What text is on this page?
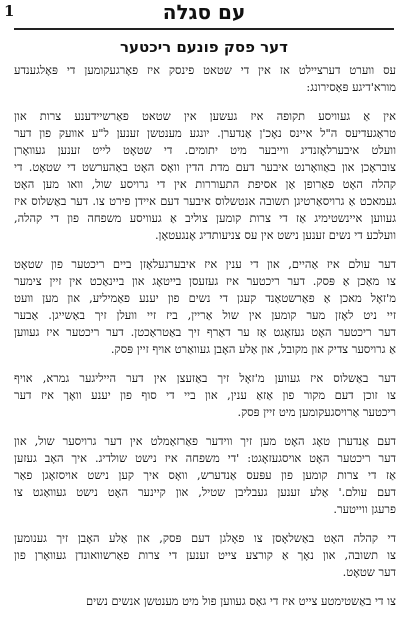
1	עם סגלה
דער פסק פונעם ריכטער
עס ווערט דערציילט אז אין די שטאט פינסק איז פאָרגעקומען די פּאָלגענדע
מורא'דיגע פּאַסירונג:
אין אַ געוויסע תקופה איז געשען אין שטאט פאַרשיידענע צרות און
טראַגעדיעס ה"ל איינס נאָכ'ן אַנדערן. יונגע מענטשן זענען ל"ע אוועק פון דער
וועלט איבערלאָזנדיג ווייבער מיט יתומים. די שטאָט לייט זענען געוואָרן
צובראָכן און באַוואָרנט איבער דעם מדת הדין וואָס האָט באַהערשט די שטאָט. די
קהלה האָט פאַרופן אַן אסיפת התעוררות אין די גרויסע שול, וואו מען האָט
געמאכט אַ גרויסאַרטיגן תשובה אנטשלוס איבער דעם איידן פירט צו. דער באַשלוס איז
געווען איינשטימיג אַז די צרות קומען צוליב אַ געוויסע משפחה פון די קהלה,
וועלכע די נשים זענען נישט אין עס צניעותדיג אָנגעטאָן.
דער עולם איז אַהיים, און די ענין איז איבערגעלאָזן ביים ריכטער פון שטאָט
צו מאַכן אַ פּסק. דער ריכטער איז געזעסן בייטאָג און ביינאַכט אין זיין צימער
מ'זאָל מאכן אַ פאַרשטאַנד קעגן די נשים פון יענע פאַמיליע, און מען וועט
זיי ניט לאָזן מער קומען אין שול אַריין, ביז זיי וועלן זיך באַשייגן. אַבער
דער ריכטער האָט געזאָגט אַז ער דאַרף זיך באַטראַכטן. דער ריכטער איז געווען
אַ גרויסער צדיק און מקובל, און אַלע האָבן געוואַרט אויף זיין פּסק.
דער באַשלוס איז געווען מ'זאָל זיך באַזעצן אין דער הייליגער גמרא, אויף
צו זוכן דעם מקור פון אַזאַ ענין, און ביי די סוף פון יענע וואָך איז דער
ריכטער אַרויסגעקומען מיט זיין פּסק.
דעם אַנדערן טאָג האָט מען זיך ווידער פאַרזאַמלט אין דער גרויסער שול, און
דער ריכטער האָט אויסגעזאָגט: 'די משפחה איז נישט שולדיג. איך האָב געזען
אַז די צרות קומען פון עפּעס אַנדערש, וואָס איך קען נישט אויסזאָגן פאַר
דעם עולם.' אַלע זענען געבליבן שטיל, און קיינער האָט נישט געוואַגט צו
פרעגן ווייטער.
די קהלה האָט באַשלאָסן צו פאָלגן דעם פּסק, און אַלע האָבן זיך גענומען
צו תשובה, און נאָך אַ קורצע צייט זענען די צרות פאַרשוואונדן געוואָרן פון
דער שטאָט.
צו די באַשטימטע צייט איז די גאַס געווען פול מיט מענטשן אנשים נשים
